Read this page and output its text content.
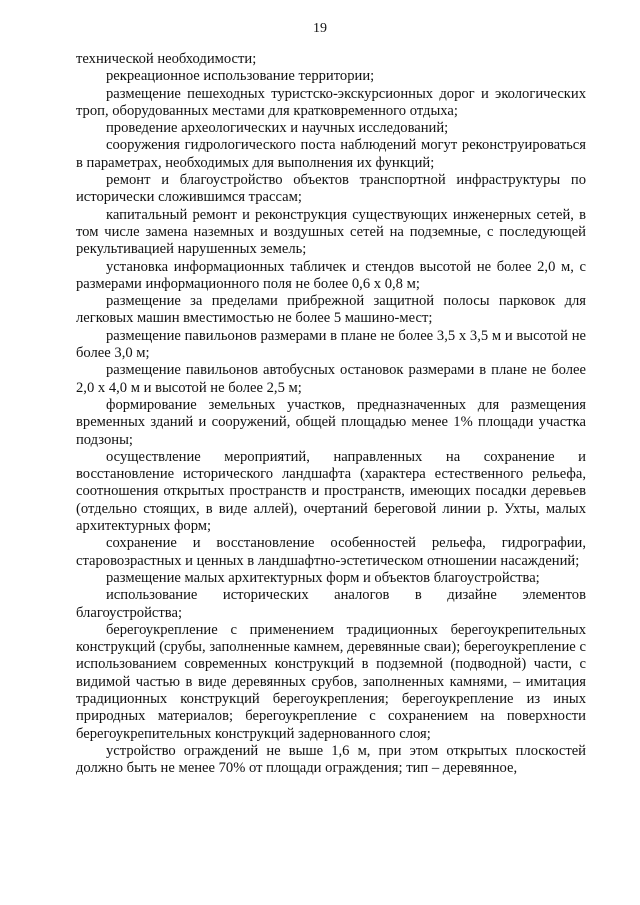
19

технической необходимости;

рекреационное использование территории;

размещение пешеходных туристско-экскурсионных дорог и экологических троп, оборудованных местами для кратковременного отдыха;

проведение археологических и научных исследований;

сооружения гидрологического поста наблюдений могут реконструироваться в параметрах, необходимых для выполнения их функций;

ремонт и благоустройство объектов транспортной инфраструктуры по исторически сложившимся трассам;

капитальный ремонт и реконструкция существующих инженерных сетей, в том числе замена наземных и воздушных сетей на подземные, с последующей рекультивацией нарушенных земель;

установка информационных табличек и стендов высотой не более 2,0 м, с размерами информационного поля не более 0,6 х 0,8 м;

размещение за пределами прибрежной защитной полосы парковок для легковых машин вместимостью не более 5 машино-мест;

размещение павильонов размерами в плане не более 3,5 х 3,5 м и высотой не более 3,0 м;

размещение павильонов автобусных остановок размерами в плане не более 2,0 х 4,0 м и высотой не более 2,5 м;

формирование земельных участков, предназначенных для размещения временных зданий и сооружений, общей площадью менее 1% площади участка подзоны;

осуществление мероприятий, направленных на сохранение и восстановление исторического ландшафта (характера естественного рельефа, соотношения открытых пространств и пространств, имеющих посадки деревьев (отдельно стоящих, в виде аллей), очертаний береговой линии р. Ухты, малых архитектурных форм;

сохранение и восстановление особенностей рельефа, гидрографии, старовозрастных и ценных в ландшафтно-эстетическом отношении насаждений;

размещение малых архитектурных форм и объектов благоустройства;

использование исторических аналогов в дизайне элементов благоустройства;

берегоукрепление с применением традиционных берегоукрепительных конструкций (срубы, заполненные камнем, деревянные сваи); берегоукрепление с использованием современных конструкций в подземной (подводной) части, с видимой частью в виде деревянных срубов, заполненных камнями, – имитация традиционных конструкций берегоукрепления; берегоукрепление из иных природных материалов; берегоукрепление с сохранением на поверхности берегоукрепительных конструкций задернованного слоя;

устройство ограждений не выше 1,6 м, при этом открытых плоскостей должно быть не менее 70% от площади ограждения; тип – деревянное,
